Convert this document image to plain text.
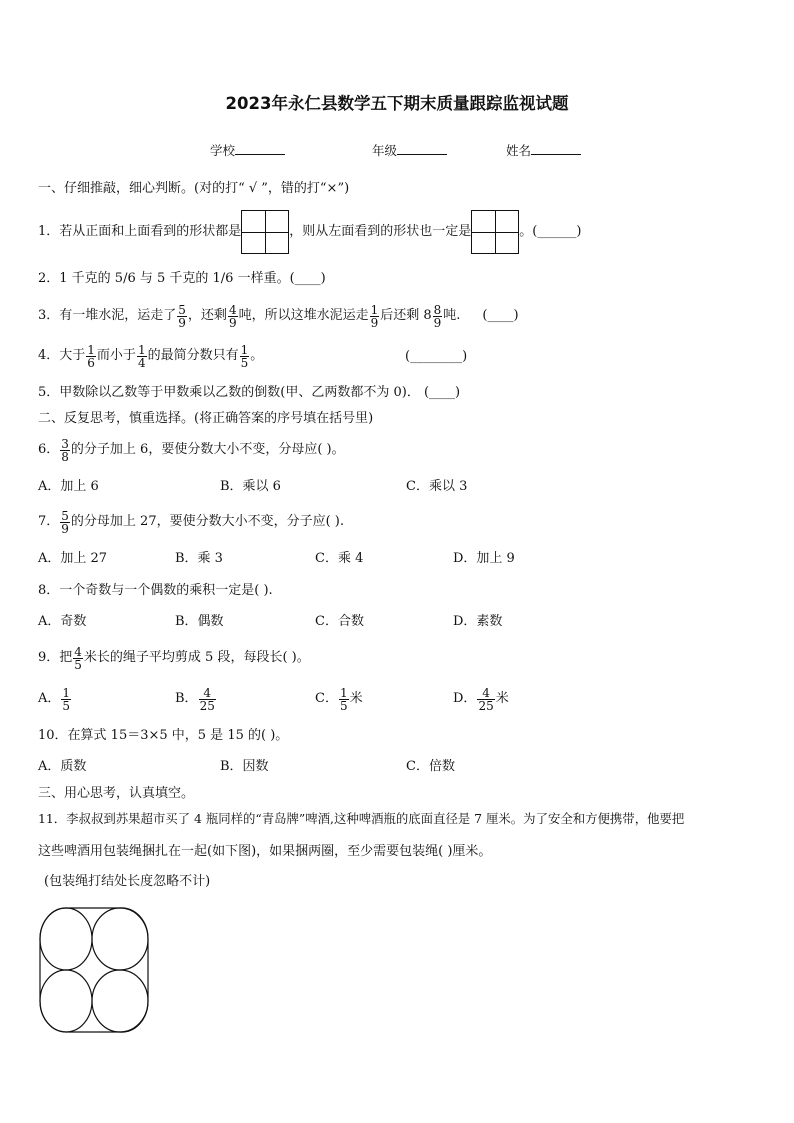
2023年永仁县数学五下期末质量跟踪监视试题
学校	年级	姓名
一、仔细推敲，细心判断。(对的打“ √ ”，错的打“×”)
1．若从正面和上面看到的形状都是	，则从左面看到的形状也一定是	。(______)
2．1 千克的 5/6 与 5 千克的 1/6 一样重。(____)
3．有一堆水泥，运走了 $\frac{5}{9}$ ，还剩 $\frac{4}{9}$ 吨，所以这堆水泥运走 $\frac{1}{9}$ 后还剩 $8 \frac{8}{9}$ 吨. (____)
4．大于 $\frac{1}{6}$ 而小于 $\frac{1}{4}$ 的最简分数只有 $\frac{1}{5}$ 。	(________)
5．甲数除以乙数等于甲数乘以乙数的倒数(甲、乙两数都不为 0)． (____)
二、反复思考，慎重选择。(将正确答案的序号填在括号里)
6． $\frac{3}{8}$ 的分子加上 6，要使分数大小不变，分母应( )。
A．加上 6	B．乘以 6	C．乘以 3
7． $\frac{5}{9}$ 的分母加上 27，要使分数大小不变，分子应( ).
A．加上 27	B．乘 3	C．乘 4	D．加上 9
8．一个奇数与一个偶数的乘积一定是( ).
A．奇数	B．偶数	C．合数	D．素数
9．把 $\frac{4}{5}$ 米长的绳子平均剪成 5 段，每段长( )。
A． $\frac{1}{5}$	B． $\frac{4}{25}$	C． $\frac{1}{5}$ 米	D． $\frac{4}{25}$ 米
10．在算式 15＝3×5 中，5 是 15 的( )。
A．质数	B．因数	C．倍数
三、用心思考，认真填空。
11．李叔叔到苏果超市买了 4 瓶同样的“青岛牌”啤酒,这种啤酒瓶的底面直径是 7 厘米。为了安全和方便携带，他要把
这些啤酒用包装绳捆扎在一起(如下图)，如果捆两圈，至少需要包装绳( )厘米。
(包装绳打结处长度忽略不计)
